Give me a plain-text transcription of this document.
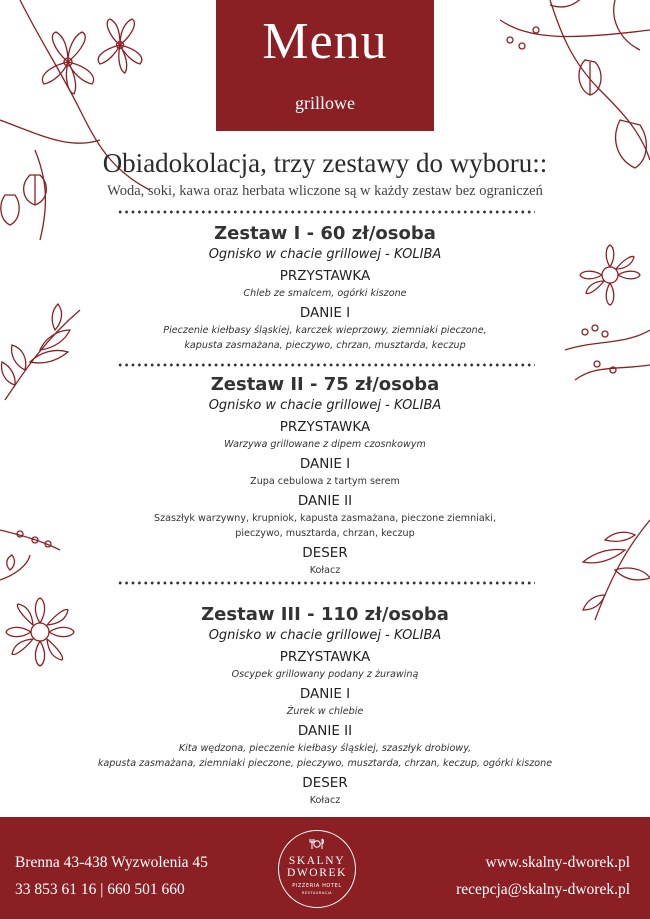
Menu
grillowe
Obiadokolacja, trzy zestawy do wyboru::
Woda, soki, kawa oraz herbata wliczone są w każdy zestaw bez ograniczeń
Zestaw I - 60 zł/osoba
Ognisko w chacie grillowej - KOLIBA
PRZYSTAWKA
Chleb ze smalcem, ogórki kiszone
DANIE I
Pieczenie kiełbasy śląskiej, karczek wieprzowy, ziemniaki pieczone,
kapusta zasmażana, pieczywo, chrzan, musztarda, keczup
Zestaw II - 75 zł/osoba
Ognisko w chacie grillowej - KOLIBA
PRZYSTAWKA
Warzywa grillowane z dipem czosnkowym
DANIE I
Zupa cebulowa z tartym serem
DANIE II
Szaszłyk warzywny, krupniok, kapusta zasmażana, pieczone ziemniaki,
pieczywo, musztarda, chrzan, keczup
DESER
Kołacz
Zestaw III - 110 zł/osoba
Ognisko w chacie grillowej - KOLIBA
PRZYSTAWKA
Oscypek grillowany podany z żurawiną
DANIE I
Żurek w chlebie
DANIE II
Kita wędzona, pieczenie kiełbasy śląskiej, szaszłyk drobiowy,
kapusta zasmażana, ziemniaki pieczone, pieczywo, musztarda, chrzan, keczup, ogórki kiszone
DESER
Kołacz
Brenna 43-438 Wyzwolenia 45
33 853 61 16 | 660 501 660
SKALNY
DWOREK
PIZZERIA HOTEL
RESTAURACJA
www.skalny-dworek.pl
recepcja@skalny-dworek.pl
